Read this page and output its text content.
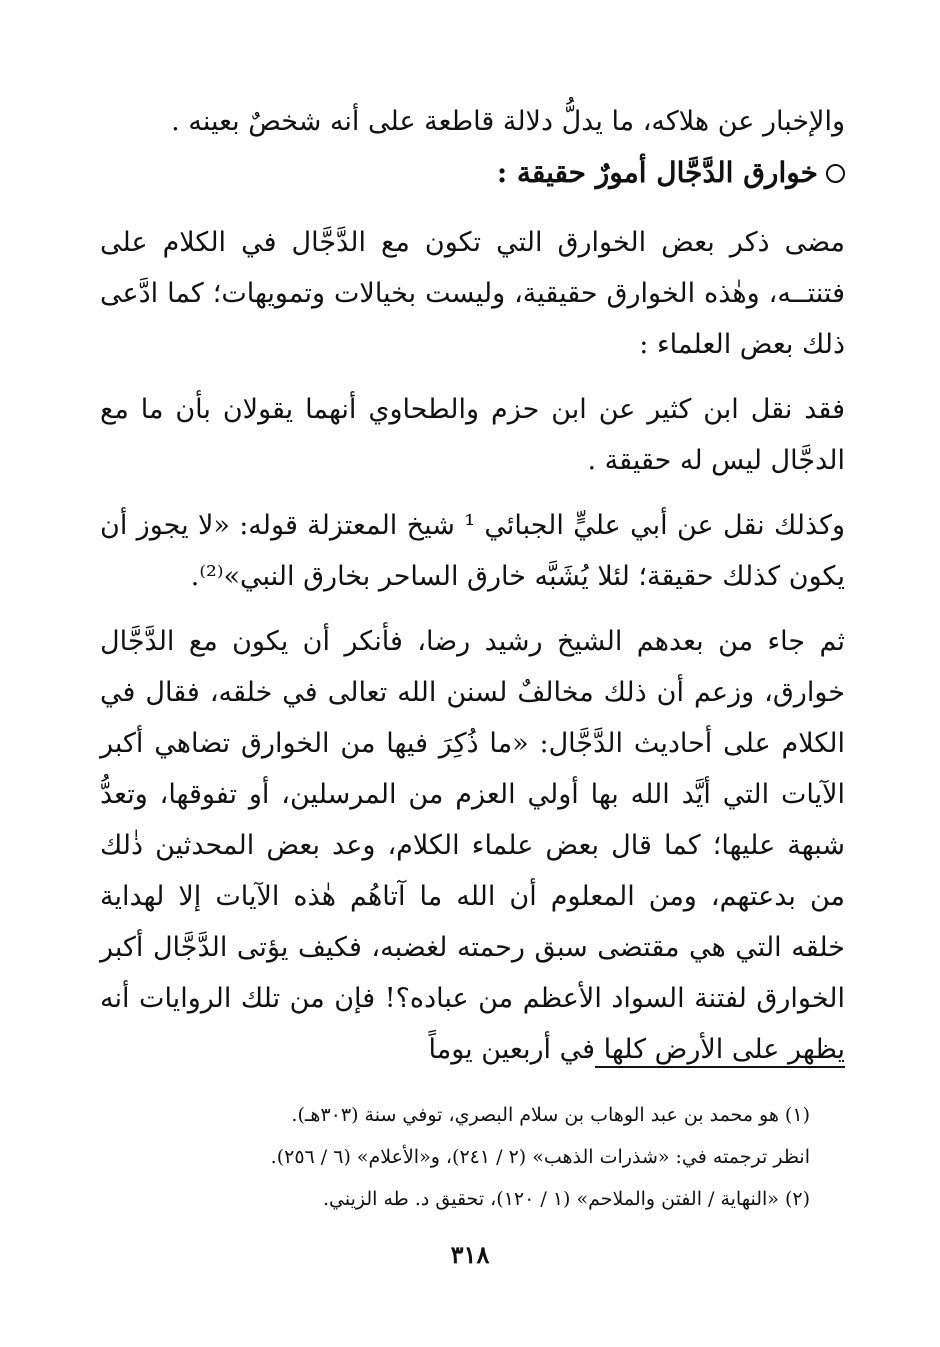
والإخبار عن هلاكه، ما يدلُّ دلالة قاطعة على أنه شخصٌ بعينه .

خوارق الدَّجَّال أمورٌ حقيقة :

مضى ذكر بعض الخوارق التي تكون مع الدَّجَّال في الكلام على فتنتــه، وهٰذه الخوارق حقيقية، وليست بخيالات وتمويهات؛ كما ادَّعى ذلك بعض العلماء :

فقد نقل ابن كثير عن ابن حزم والطحاوي أنهما يقولان بأن ما مع الدجَّال ليس له حقيقة .

وكذلك نقل عن أبي عليٍّ الجبائي ¹ شيخ المعتزلة قوله: «لا يجوز أن يكون كذلك حقيقة؛ لئلا يُشَبَّه خارق الساحر بخارق النبي»⁽²⁾.

ثم جاء من بعدهم الشيخ رشيد رضا، فأنكر أن يكون مع الدَّجَّال خوارق، وزعم أن ذلك مخالفٌ لسنن الله تعالى في خلقه، فقال في الكلام على أحاديث الدَّجَّال: «ما ذُكِرَ فيها من الخوارق تضاهي أكبر الآيات التي أيَّد الله بها أولي العزم من المرسلين، أو تفوقها، وتعدُّ شبهة عليها؛ كما قال بعض علماء الكلام، وعد بعض المحدثين ذٰلك من بدعتهم، ومن المعلوم أن الله ما آتاهُم هٰذه الآيات إلا لهداية خلقه التي هي مقتضى سبق رحمته لغضبه، فكيف يؤتى الدَّجَّال أكبر الخوارق لفتنة السواد الأعظم من عباده؟! فإن من تلك الروايات أنه يظهر على الأرض كلها في أربعين يوماً

(١) هو محمد بن عبد الوهاب بن سلام البصري، توفي سنة (٣٠٣هـ).
انظر ترجمته في: «شذرات الذهب» (٢ / ٢٤١)، و«الأعلام» (٦ / ٢٥٦).
(٢) «النهاية / الفتن والملاحم» (١ / ١٢٠)، تحقيق د. طه الزيني.
٣١٨
